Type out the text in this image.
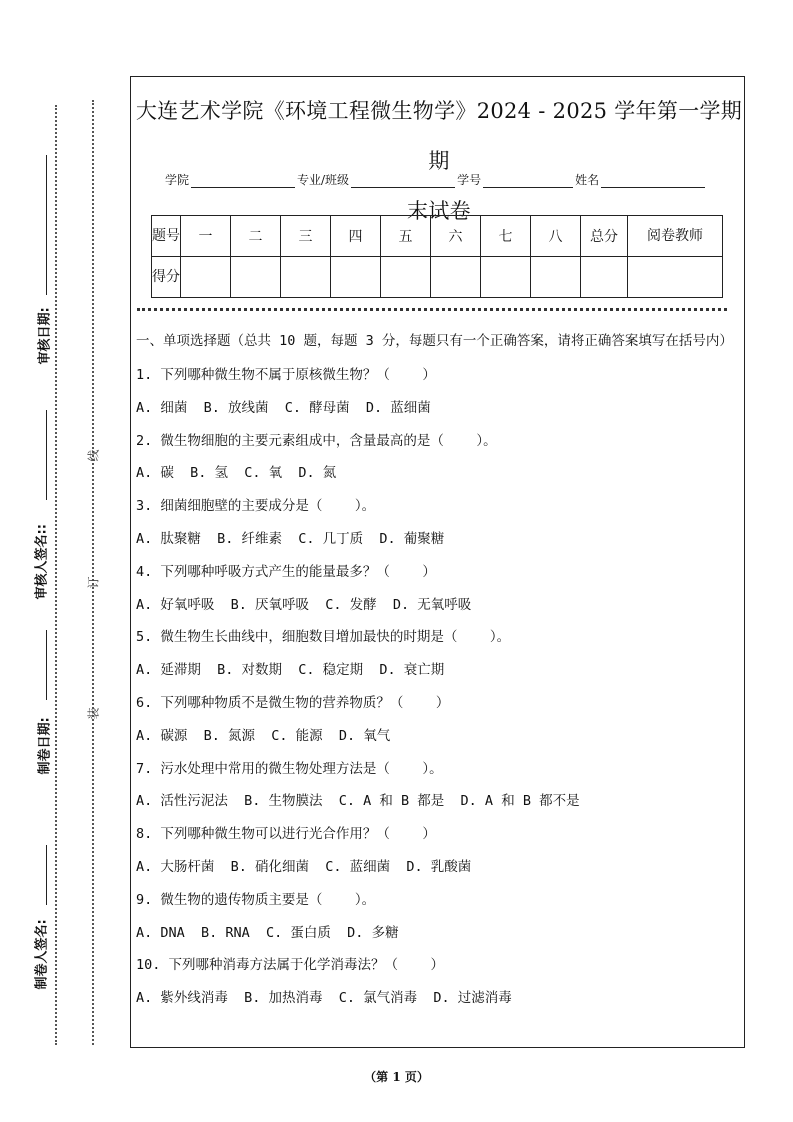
审核日期:
审核人签名::
制卷日期:
制卷人签名:
线
订
装
大连艺术学院《环境工程微生物学》2024 - 2025 学年第一学期期
末试卷
学院	专业/班级	学号	姓名
题号	一	二	三	四	五	六	七	八	总分	阅卷教师
得分										
一、单项选择题（总共 10 题，每题 3 分，每题只有一个正确答案，请将正确答案填写在括号内）
1. 下列哪种微生物不属于原核微生物？（    ）
A. 细菌  B. 放线菌  C. 酵母菌  D. 蓝细菌
2. 微生物细胞的主要元素组成中，含量最高的是（    ）。
A. 碳  B. 氢  C. 氧  D. 氮
3. 细菌细胞壁的主要成分是（    ）。
A. 肽聚糖  B. 纤维素  C. 几丁质  D. 葡聚糖
4. 下列哪种呼吸方式产生的能量最多？（    ）
A. 好氧呼吸  B. 厌氧呼吸  C. 发酵  D. 无氧呼吸
5. 微生物生长曲线中，细胞数目增加最快的时期是（    ）。
A. 延滞期  B. 对数期  C. 稳定期  D. 衰亡期
6. 下列哪种物质不是微生物的营养物质？（    ）
A. 碳源  B. 氮源  C. 能源  D. 氧气
7. 污水处理中常用的微生物处理方法是（    ）。
A. 活性污泥法  B. 生物膜法  C. A 和 B 都是  D. A 和 B 都不是
8. 下列哪种微生物可以进行光合作用？（    ）
A. 大肠杆菌  B. 硝化细菌  C. 蓝细菌  D. 乳酸菌
9. 微生物的遗传物质主要是（    ）。
A. DNA  B. RNA  C. 蛋白质  D. 多糖
10. 下列哪种消毒方法属于化学消毒法？（    ）
A. 紫外线消毒  B. 加热消毒  C. 氯气消毒  D. 过滤消毒
（第 1 页）
